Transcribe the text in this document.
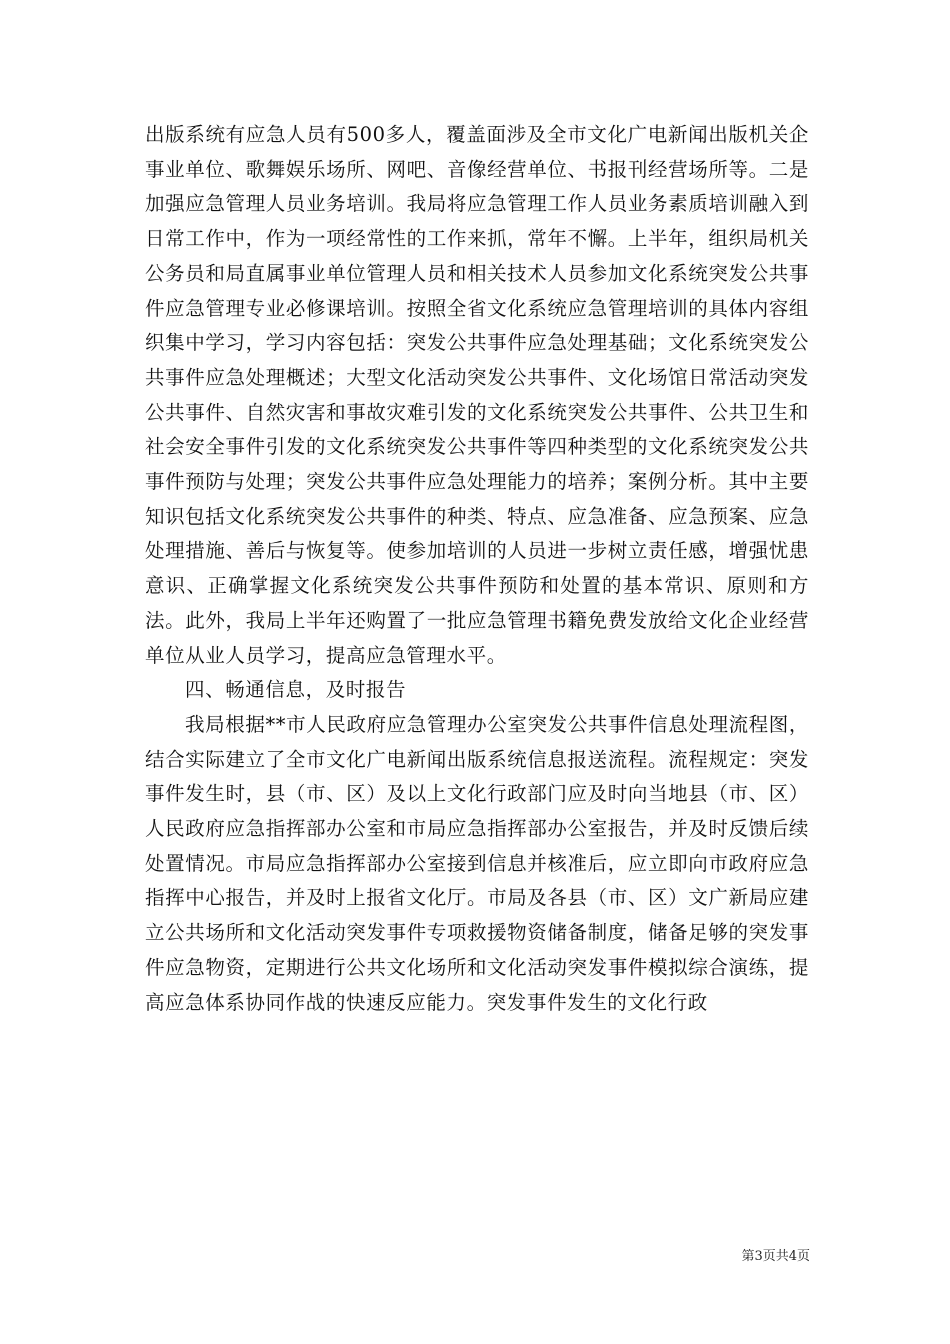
出版系统有应急人员有500多人，覆盖面涉及全市文化广电新闻出版机关企事业单位、歌舞娱乐场所、网吧、音像经营单位、书报刊经营场所等。二是加强应急管理人员业务培训。我局将应急管理工作人员业务素质培训融入到日常工作中，作为一项经常性的工作来抓，常年不懈。上半年，组织局机关公务员和局直属事业单位管理人员和相关技术人员参加文化系统突发公共事件应急管理专业必修课培训。按照全省文化系统应急管理培训的具体内容组织集中学习，学习内容包括：突发公共事件应急处理基础；文化系统突发公共事件应急处理概述；大型文化活动突发公共事件、文化场馆日常活动突发公共事件、自然灾害和事故灾难引发的文化系统突发公共事件、公共卫生和社会安全事件引发的文化系统突发公共事件等四种类型的文化系统突发公共事件预防与处理；突发公共事件应急处理能力的培养；案例分析。其中主要知识包括文化系统突发公共事件的种类、特点、应急准备、应急预案、应急处理措施、善后与恢复等。使参加培训的人员进一步树立责任感，增强忧患意识、正确掌握文化系统突发公共事件预防和处置的基本常识、原则和方法。此外，我局上半年还购置了一批应急管理书籍免费发放给文化企业经营单位从业人员学习，提高应急管理水平。

四、畅通信息，及时报告

我局根据**市人民政府应急管理办公室突发公共事件信息处理流程图，结合实际建立了全市文化广电新闻出版系统信息报送流程。流程规定：突发事件发生时，县（市、区）及以上文化行政部门应及时向当地县（市、区）人民政府应急指挥部办公室和市局应急指挥部办公室报告，并及时反馈后续处置情况。市局应急指挥部办公室接到信息并核准后，应立即向市政府应急指挥中心报告，并及时上报省文化厅。市局及各县（市、区）文广新局应建立公共场所和文化活动突发事件专项救援物资储备制度，储备足够的突发事件应急物资，定期进行公共文化场所和文化活动突发事件模拟综合演练，提高应急体系协同作战的快速反应能力。突发事件发生的文化行政

第3页共4页
